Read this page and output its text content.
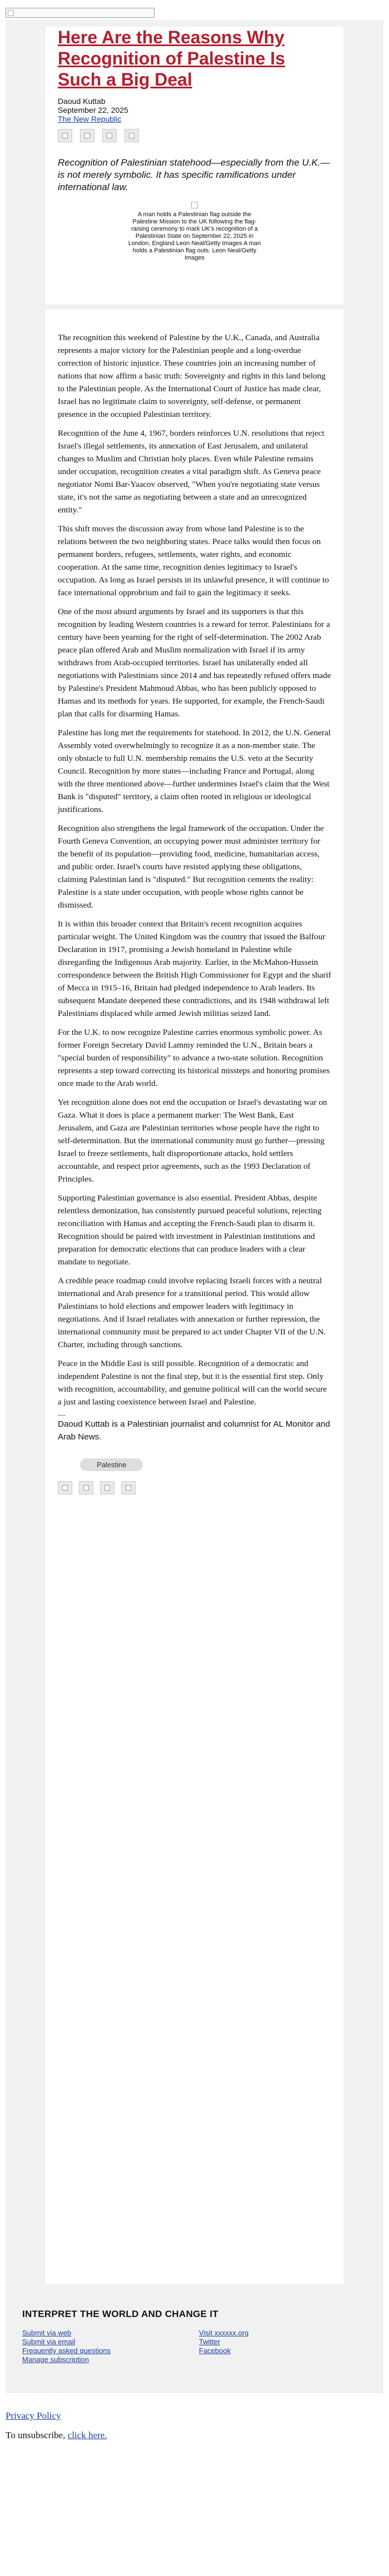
Here Are the Reasons Why Recognition of Palestine Is Such a Big Deal

Daoud Kuttab

September 22, 2025

The New Republic

Recognition of Palestinian statehood—especially from the U.K.—is not merely symbolic. It has specific ramifications under international law.

A man holds a Palestinian flag outside the Palestine Mission to the UK following the flag-raising ceremony to mark UK's recognition of a Palestinian State on September 22, 2025 in London, England Leon Neal/Getty Images A man holds a Palestinian flag outs. Leon Neal/Getty Images

The recognition this weekend of Palestine by the U.K., Canada, and Australia represents a major victory for the Palestinian people and a long-overdue correction of historic injustice. These countries join an increasing number of nations that now affirm a basic truth: Sovereignty and rights in this land belong to the Palestinian people. As the International Court of Justice has made clear, Israel has no legitimate claim to sovereignty, self-defense, or permanent presence in the occupied Palestinian territory.

Recognition of the June 4, 1967, borders reinforces U.N. resolutions that reject Israel's illegal settlements, its annexation of East Jerusalem, and unilateral changes to Muslim and Christian holy places. Even while Palestine remains under occupation, recognition creates a vital paradigm shift. As Geneva peace negotiator Nomi Bar-Yaacov observed, "When you're negotiating state versus state, it's not the same as negotiating between a state and an unrecognized entity."

This shift moves the discussion away from whose land Palestine is to the relations between the two neighboring states. Peace talks would then focus on permanent borders, refugees, settlements, water rights, and economic cooperation. At the same time, recognition denies legitimacy to Israel's occupation. As long as Israel persists in its unlawful presence, it will continue to face international opprobrium and fail to gain the legitimacy it seeks.

One of the most absurd arguments by Israel and its supporters is that this recognition by leading Western countries is a reward for terror. Palestinians for a century have been yearning for the right of self-determination. The 2002 Arab peace plan offered Arab and Muslim normalization with Israel if its army withdraws from Arab-occupied territories. Israel has unilaterally ended all negotiations with Palestinians since 2014 and has repeatedly refused offers made by Palestine's President Mahmoud Abbas, who has been publicly opposed to Hamas and its methods for years. He supported, for example, the French-Saudi plan that calls for disarming Hamas.

Palestine has long met the requirements for statehood. In 2012, the U.N. General Assembly voted overwhelmingly to recognize it as a non-member state. The only obstacle to full U.N. membership remains the U.S. veto at the Security Council. Recognition by more states—including France and Portugal, along with the three mentioned above—further undermines Israel's claim that the West Bank is "disputed" territory, a claim often rooted in religious or ideological justifications.

Recognition also strengthens the legal framework of the occupation. Under the Fourth Geneva Convention, an occupying power must administer territory for the benefit of its population—providing food, medicine, humanitarian access, and public order. Israel's courts have resisted applying these obligations, claiming Palestinian land is "disputed." But recognition cements the reality: Palestine is a state under occupation, with people whose rights cannot be dismissed.

It is within this broader context that Britain's recent recognition acquires particular weight. The United Kingdom was the country that issued the Balfour Declaration in 1917, promising a Jewish homeland in Palestine while disregarding the Indigenous Arab majority. Earlier, in the McMahon-Hussein correspondence between the British High Commissioner for Egypt and the sharif of Mecca in 1915–16, Britain had pledged independence to Arab leaders. Its subsequent Mandate deepened these contradictions, and its 1948 withdrawal left Palestinians displaced while armed Jewish militias seized land.

For the U.K. to now recognize Palestine carries enormous symbolic power. As former Foreign Secretary David Lammy reminded the U.N., Britain bears a "special burden of responsibility" to advance a two-state solution. Recognition represents a step toward correcting its historical missteps and honoring promises once made to the Arab world.

Yet recognition alone does not end the occupation or Israel's devastating war on Gaza. What it does is place a permanent marker: The West Bank, East Jerusalem, and Gaza are Palestinian territories whose people have the right to self-determination. But the international community must go further—pressing Israel to freeze settlements, halt disproportionate attacks, hold settlers accountable, and respect prior agreements, such as the 1993 Declaration of Principles.

Supporting Palestinian governance is also essential. President Abbas, despite relentless demonization, has consistently pursued peaceful solutions, rejecting reconciliation with Hamas and accepting the French-Saudi plan to disarm it. Recognition should be paired with investment in Palestinian institutions and preparation for democratic elections that can produce leaders with a clear mandate to negotiate.

A credible peace roadmap could involve replacing Israeli forces with a neutral international and Arab presence for a transitional period. This would allow Palestinians to hold elections and empower leaders with legitimacy in negotiations. And if Israel retaliates with annexation or further repression, the international community must be prepared to act under Chapter VII of the U.N. Charter, including through sanctions.

Peace in the Middle East is still possible. Recognition of a democratic and independent Palestine is not the final step, but it is the essential first step. Only with recognition, accountability, and genuine political will can the world secure a just and lasting coexistence between Israel and Palestine.

Daoud Kuttab is a Palestinian journalist and columnist for AL Monitor and Arab News.

Palestine

INTERPRET THE WORLD AND CHANGE IT

Submit via web
Submit via email
Frequently asked questions
Manage subscription
Visit xxxxxx.org
Twitter
Facebook

Privacy Policy

To unsubscribe, click here.
